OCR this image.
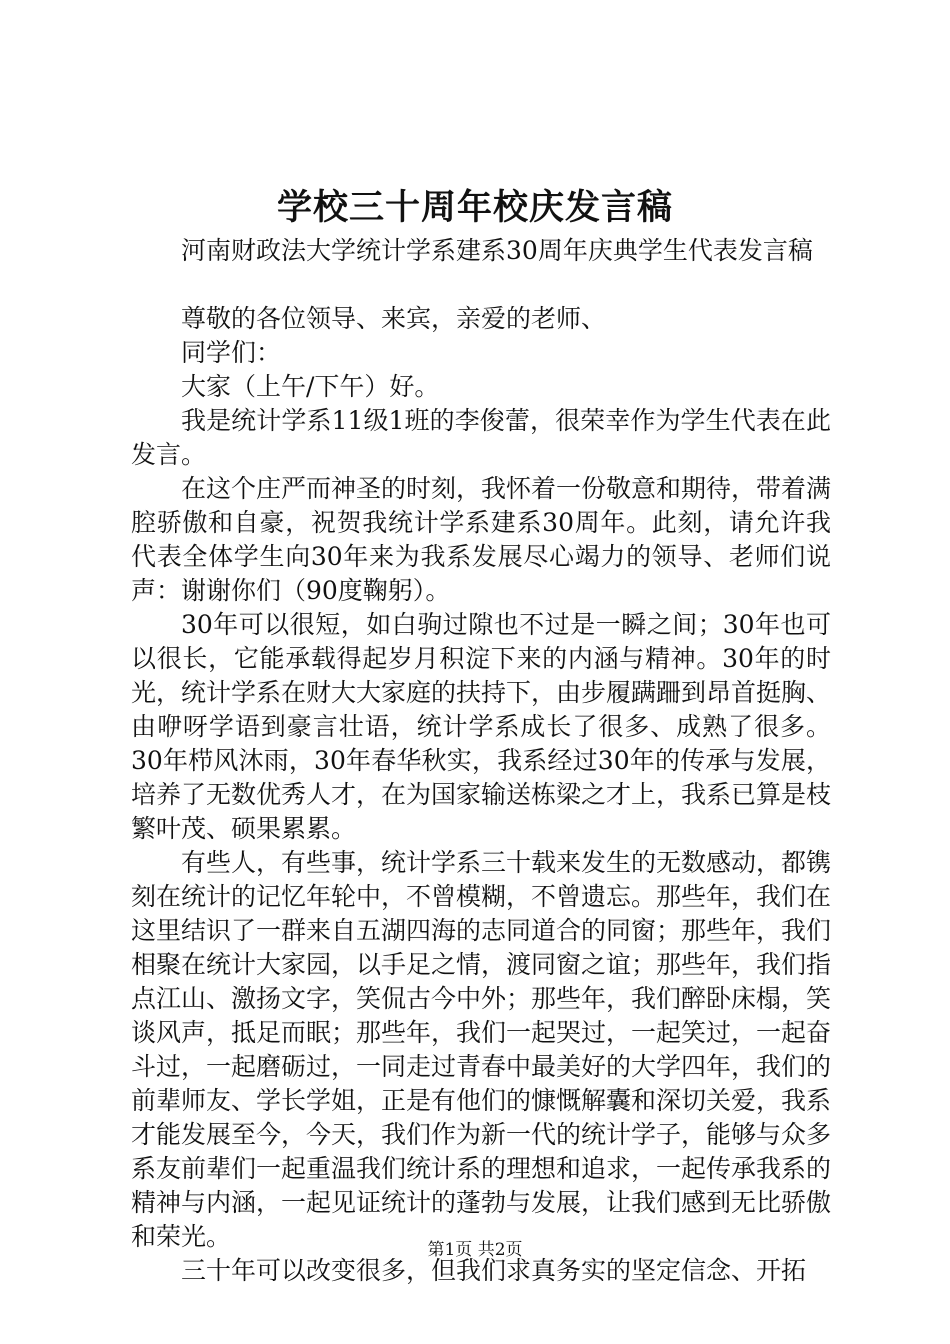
学校三十周年校庆发言稿

河南财政法大学统计学系建系30周年庆典学生代表发言稿

尊敬的各位领导、来宾，亲爱的老师、

同学们：

大家（上午/下午）好。

我是统计学系11级1班的李俊蕾，很荣幸作为学生代表在此发言。

在这个庄严而神圣的时刻，我怀着一份敬意和期待，带着满腔骄傲和自豪，祝贺我统计学系建系30周年。此刻，请允许我代表全体学生向30年来为我系发展尽心竭力的领导、老师们说声：谢谢你们（90度鞠躬）。

30年可以很短，如白驹过隙也不过是一瞬之间；30年也可以很长，它能承载得起岁月积淀下来的内涵与精神。30年的时光，统计学系在财大大家庭的扶持下，由步履蹒跚到昂首挺胸、由咿呀学语到豪言壮语，统计学系成长了很多、成熟了很多。30年栉风沐雨，30年春华秋实，我系经过30年的传承与发展，培养了无数优秀人才，在为国家输送栋梁之才上，我系已算是枝繁叶茂、硕果累累。

有些人，有些事，统计学系三十载来发生的无数感动，都镌刻在统计的记忆年轮中，不曾模糊，不曾遗忘。那些年，我们在这里结识了一群来自五湖四海的志同道合的同窗；那些年，我们相聚在统计大家园，以手足之情，渡同窗之谊；那些年，我们指点江山、激扬文字，笑侃古今中外；那些年，我们醉卧床榻，笑谈风声，抵足而眠；那些年，我们一起哭过，一起笑过，一起奋斗过，一起磨砺过，一同走过青春中最美好的大学四年，我们的前辈师友、学长学姐，正是有他们的慷慨解囊和深切关爱，我系才能发展至今，今天，我们作为新一代的统计学子，能够与众多系友前辈们一起重温我们统计系的理想和追求，一起传承我系的精神与内涵，一起见证统计的蓬勃与发展，让我们感到无比骄傲和荣光。

三十年可以改变很多，但我们求真务实的坚定信念、开拓

第1页 共2页
